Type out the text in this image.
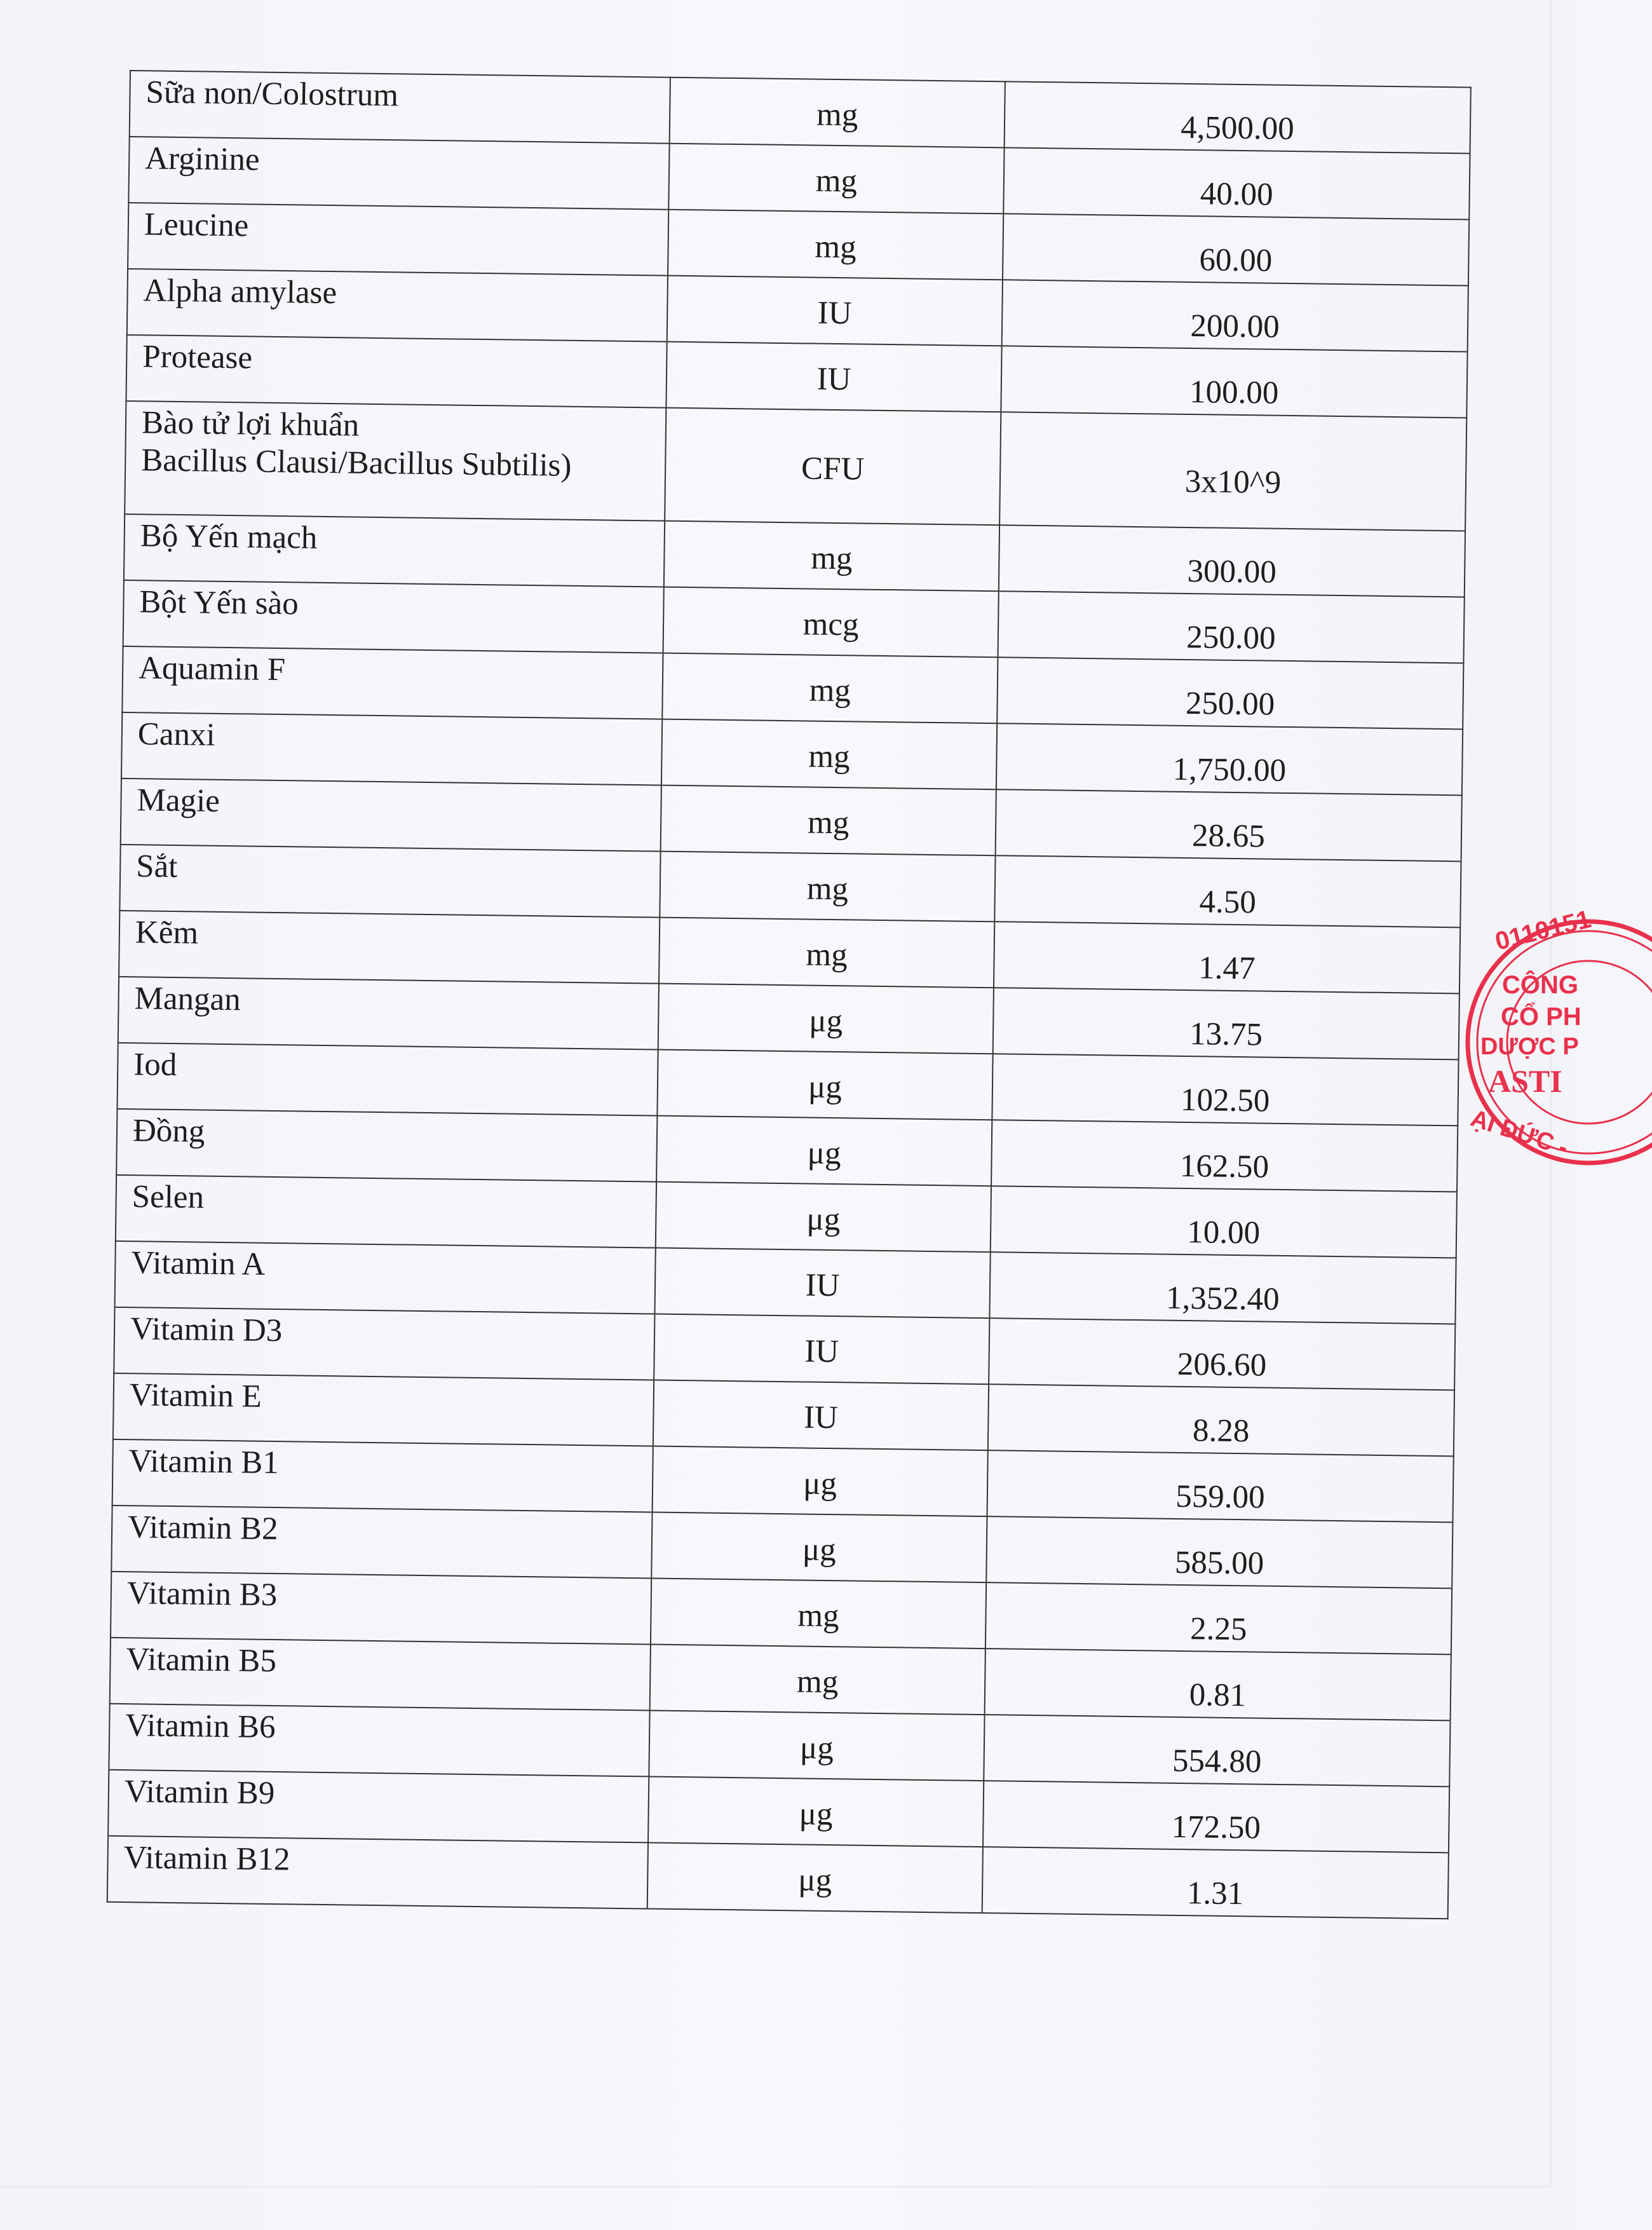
Sữa non/Colostrum	mg	4,500.00
Arginine	mg	40.00
Leucine	mg	60.00
Alpha amylase	IU	200.00
Protease	IU	100.00
Bào tử lợi khuẩn
Bacillus Clausi/Bacillus Subtilis)	CFU	3x10^9
Bộ Yến mạch	mg	300.00
Bột Yến sào	mcg	250.00
Aquamin F	mg	250.00
Canxi	mg	1,750.00
Magie	mg	28.65
Sắt	mg	4.50
Kẽm	mg	1.47
Mangan	μg	13.75
Iod	μg	102.50
Đồng	μg	162.50
Selen	μg	10.00
Vitamin A	IU	1,352.40
Vitamin D3	IU	206.60
Vitamin E	IU	8.28
Vitamin B1	μg	559.00
Vitamin B2	μg	585.00
Vitamin B3	mg	2.25
Vitamin B5	mg	0.81
Vitamin B6	μg	554.80
Vitamin B9	μg	172.50
Vitamin B12	μg	1.31
0110151
CÔNG
CỔ PH
DƯỢC P
ASTI
ẠI ĐỨC -
